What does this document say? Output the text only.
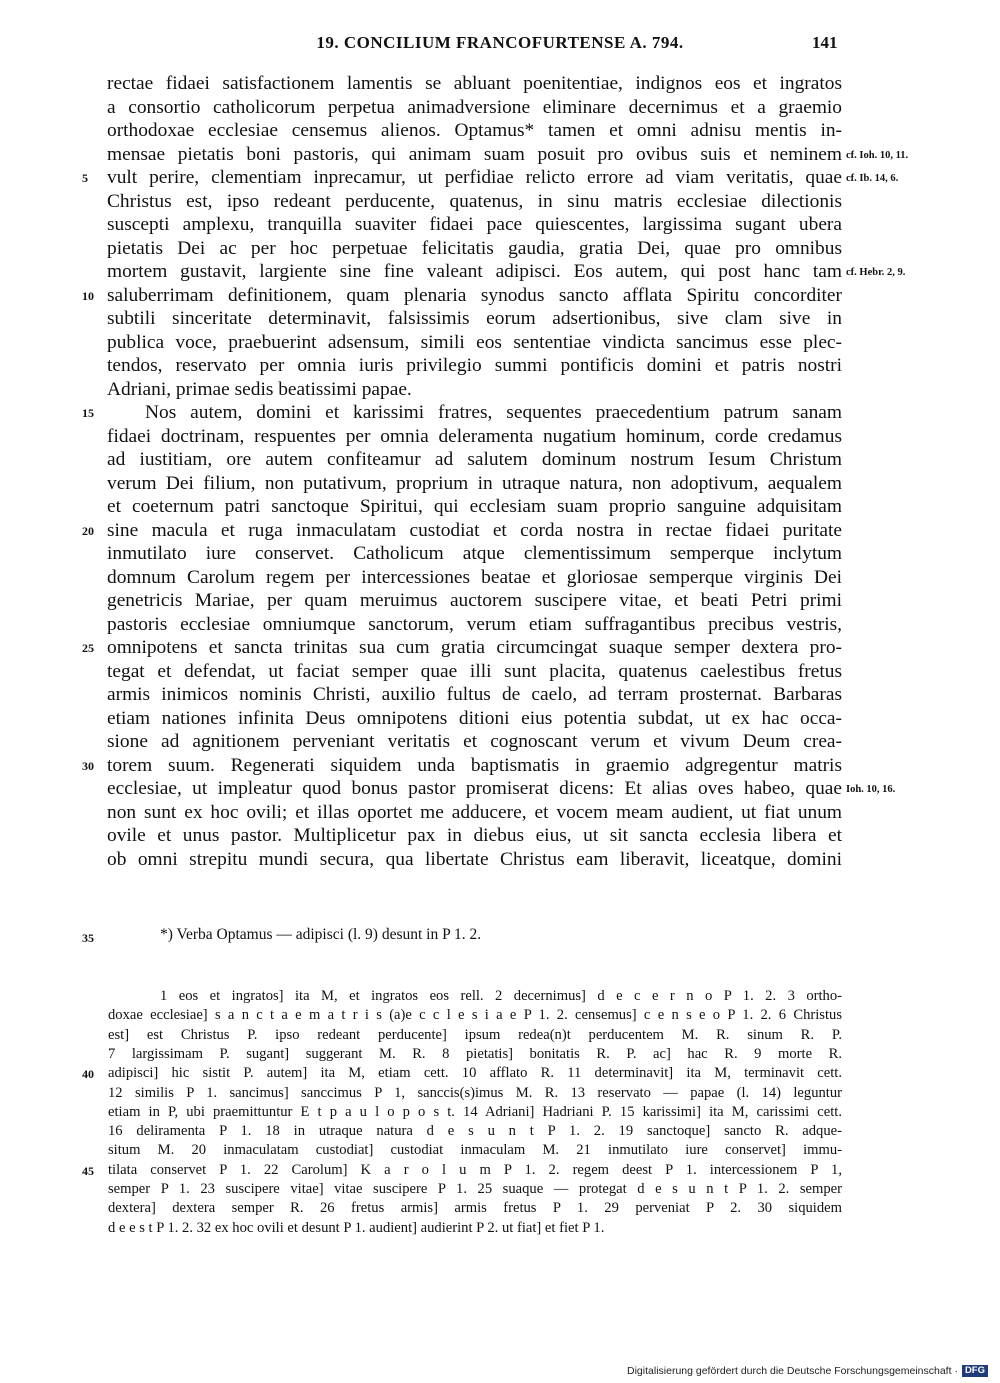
19. CONCILIUM FRANCOFURTENSE A. 794.	141
rectae fidaei satisfactionem lamentis se abluant poenitentiae, indignos eos et ingratos
a consortio catholicorum perpetua animadversione eliminare decernimus et a graemio
orthodoxae ecclesiae censemus alienos. Optamus* tamen et omni adnisu mentis in-
mensae pietatis boni pastoris, qui animam suam posuit pro ovibus suis et neminem
vult perire, clementiam inprecamur, ut perfidiae relicto errore ad viam veritatis, quae
Christus est, ipso redeant perducente, quatenus, in sinu matris ecclesiae dilectionis
suscepti amplexu, tranquilla suaviter fidaei pace quiescentes, largissima sugant ubera
pietatis Dei ac per hoc perpetuae felicitatis gaudia, gratia Dei, quae pro omnibus
mortem gustavit, largiente sine fine valeant adipisci. Eos autem, qui post hanc tam
saluberrimam definitionem, quam plenaria synodus sancto afflata Spiritu concorditer
subtili sinceritate determinavit, falsissimis eorum adsertionibus, sive clam sive in
publica voce, praebuerint adsensum, simili eos sententiae vindicta sancimus esse plec-
tendos, reservato per omnia iuris privilegio summi pontificis domini et patris nostri
Adriani, primae sedis beatissimi papae.
Nos autem, domini et karissimi fratres, sequentes praecedentium patrum sanam
fidaei doctrinam, respuentes per omnia deleramenta nugatium hominum, corde credamus
ad iustitiam, ore autem confiteamur ad salutem dominum nostrum Iesum Christum
verum Dei filium, non putativum, proprium in utraque natura, non adoptivum, aequalem
et coeternum patri sanctoque Spiritui, qui ecclesiam suam proprio sanguine adquisitam
sine macula et ruga inmaculatam custodiat et corda nostra in rectae fidaei puritate
inmutilato iure conservet. Catholicum atque clementissimum semperque inclytum
domnum Carolum regem per intercessiones beatae et gloriosae semperque virginis Dei
genetricis Mariae, per quam meruimus auctorem suscipere vitae, et beati Petri primi
pastoris ecclesiae omniumque sanctorum, verum etiam suffragantibus precibus vestris,
omnipotens et sancta trinitas sua cum gratia circumcingat suaque semper dextera pro-
tegat et defendat, ut faciat semper quae illi sunt placita, quatenus caelestibus fretus
armis inimicos nominis Christi, auxilio fultus de caelo, ad terram prosternat. Barbaras
etiam nationes infinita Deus omnipotens ditioni eius potentia subdat, ut ex hac occa-
sione ad agnitionem perveniant veritatis et cognoscant verum et vivum Deum crea-
torem suum. Regenerati siquidem unda baptismatis in graemio adgregentur matris
ecclesiae, ut impleatur quod bonus pastor promiserat dicens: Et alias oves habeo, quae
non sunt ex hoc ovili; et illas oportet me adducere, et vocem meam audient, ut fiat unum
ovile et unus pastor. Multiplicetur pax in diebus eius, ut sit sancta ecclesia libera et
ob omni strepitu mundi secura, qua libertate Christus eam liberavit, liceatque, domini
5
10
15
20
25
30
cf. Ioh. 10, 11.
cf. Ib. 14, 6.
cf. Hebr. 2, 9.
Ioh. 10, 16.
35	*) Verba Optamus — adipisci (l. 9) desunt in P 1. 2.
1 eos et ingratos] ita M, et ingratos eos rell. 2 decernimus] d e c e r n o P 1. 2. 3 ortho-
doxae ecclesiae] s a n c t a e m a t r i s (a)e c c l e s i a e P 1. 2. censemus] c e n s e o P 1. 2. 6 Christus
est] est Christus P. ipso redeant perducente] ipsum redea(n)t perducentem M. R. sinum R. P.
7 largissimam P. sugant] suggerant M. R. 8 pietatis] bonitatis R. P. ac] hac R. 9 morte R.
adipisci] hic sistit P. autem] ita M, etiam cett. 10 afflato R. 11 determinavit] ita M, terminavit cett.
12 similis P 1. sancimus] sanccimus P 1, sanccis(s)imus M. R. 13 reservato — papae (l. 14) leguntur
etiam in P, ubi praemittuntur E t p a u l o p o s t. 14 Adriani] Hadriani P. 15 karissimi] ita M, carissimi cett.
16 deliramenta P 1. 18 in utraque natura d e s u n t P 1. 2. 19 sanctoque] sancto R. adque-
situm M. 20 inmaculatam custodiat] custodiat inmaculam M. 21 inmutilato iure conservet] immu-
tilata conservet P 1. 22 Carolum] K a r o l u m P 1. 2. regem deest P 1. intercessionem P 1,
semper P 1. 23 suscipere vitae] vitae suscipere P 1. 25 suaque — protegat d e s u n t P 1. 2. semper
dextera] dextera semper R. 26 fretus armis] armis fretus P 1. 29 perveniat P 2. 30 siquidem
d e e s t P 1. 2. 32 ex hoc ovili et desunt P 1. audient] audierint P 2. ut fiat] et fiet P 1.
40
45
Digitalisierung gefördert durch die Deutsche Forschungsgemeinschaft · DFG
